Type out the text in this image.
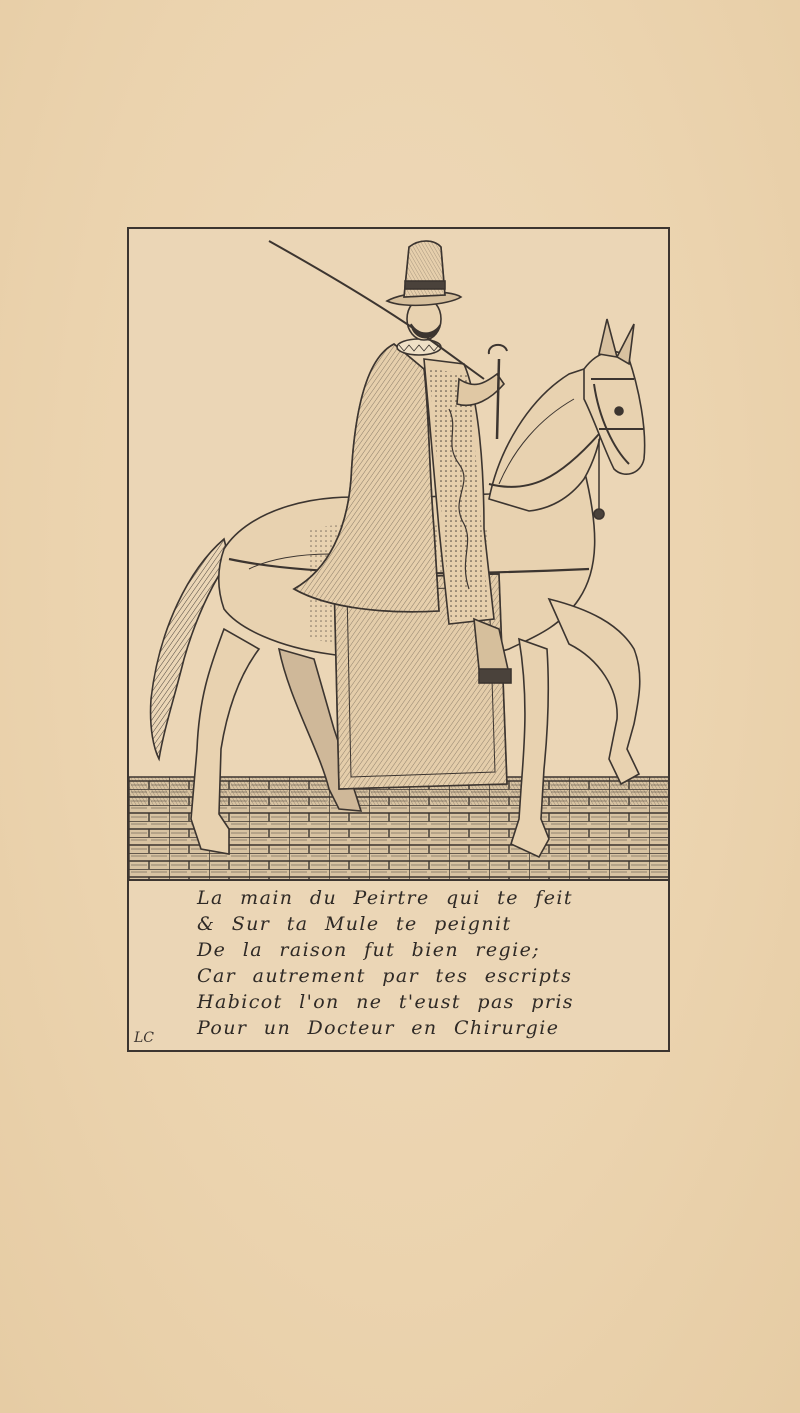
La main du Peirtre qui te feit
& Sur ta Mule te peignit
De la raison fut bien regie;
Car autrement par tes escripts
Habicot l'on ne t'eust pas pris
Pour un Docteur en Chirurgie
LC
